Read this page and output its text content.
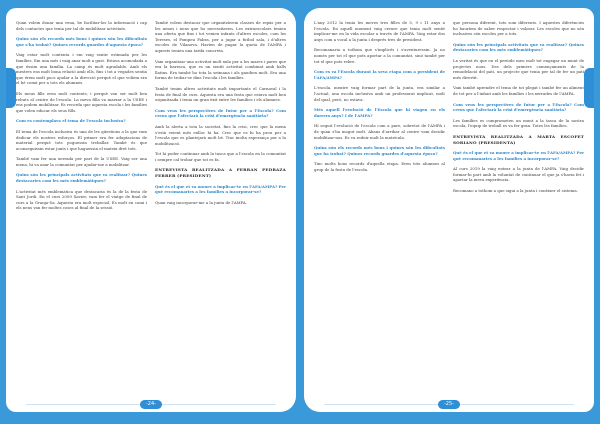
Quan volem donar una vena, be facilitar-los la informació i cap dels contactes que tenia per tal de mobilitzar activitats.

Quins són els records més bons i quines són les dificultats que s'ha trobat? Quines records guardes d'aquesta época?

Vaig estar molt contenta i em vaig sentir estimada per les famílies. Em una més i vaig anar molt a gust. Estava acomodada a que éssim una família. La camp és molt agradable. Amb els mestres ens molt bona relació amb ells, fins i tot a vegades sentia que érem molt pocs ajudar a la direcció perquè el que volíem era el bé comú per a tots els alumnes.

Els meus fills eren molt contents, i perquè van ser molt ben rebuts al centre de l'escola. La meva filla va marxar a la USEE i ens podem mobilitzar. Es recorda que aquesta escola i les famílies que volen educar els seus fills.

Com es contemplava el tema de l'escola inclusiva?

El tema de l'escola inclusiva és una de les qüestions a la que vam dedicar els nostres esforços. El primer era fer adaptacions de material perquè tots poguessin treballar. També és que aconseguissin estar junts i que haguessin el mateix dret tots.

També vam fer una xerrada per part de la USEE. Vaig ser una mena, hi va anar la comunitat per ajudar-me a mobilitzar.

Quins són les principals activitats que va realitzar? Quines destacaries com les més emblemàtiques?

L'activitat més emblemàtica que destacaria és la de la festa de Sant Jordi. En el curs 2009 Xavier, vam fer el viatge de final de curs a la Granja-Sa. Aquesta era molt especial. Es molt en cami i els nens van fer moltes coses al final de la sessió.

També volem destacar que organitzàvem classes de repàs per a les nenes i nens que ho necessitaven. Les extraescolars tenien una oferta que fins i tot venien infants d'altres escoles, com les Tereses, el Pompeu Fabra, per a jugar a futbol sala, i d'altres escoles de Vilanova. Havien de pagar la quota de l'AMPA i aquests tenien una tarifa concreta.

Vam organitzar una activitat molt xula per a les mares i pares que era la barraca, que es un sentit activitat combinat amb balls llatins. Era també ho tota la setmana i als gaudien molt. Era una forma de trobar-se dins l'escola i les famílies.

També tenim altres activitats molt importants el Carnaval i la festa de final de curs. Aquesta era una festa que estava molt ben organitzada i tenia un gran èxit entre les famílies i els alumnes.

Com veus les perspectives de futur per a l'Escola? Com creus que l'afectarà la crisi d'emergència sanitària?

Amb la alerta a tota la societat, fins la crisi, crec que la mena s'està veient més enlloc hi ha. Crec que es hi ha prou per a l'escola que es plantejarà molt bé. Tinc molta esperança per a la mobilització.

Tot hi poder continuar amb la tasca que a l'escola en la comunitat i sempre cal trobar que tot es fa.

ENTREVISTA REALITZADA A FERRAN PEDRAZA FERRER (PRESIDENT)

Què és el que et va moure a implicar-te en l'AFA/AMPA? Per què recomanaries a les famílies a incorporar-se?

Quan vaig incorporar-me a la junta de l'AMPA.

-24-

L'any 2012 la tenia les meves tres filles de 5, 9 i 11 anys a l'escola. En aquell moment vaig creure que tenia molt sentit implicar-me en la vida escolar a través de l'AMPA. Vaig estar dos anys com a vocal a la junta i després tres de president.

Recomanaria a tothom que s'implicés i s'aventuressin. Ja no només per tot el que pots aportar a la comunitat, sinó també per tot el que pots rebre.

Com es va l'Escola durant la seva etapa com a president de l'AFA/AMPA?

L'escola, mentre vaig formar part de la junta, era similar a l'actual, una escola inclusiva amb un professorat implicat, molt del qual, però, no estava.

Més aquell l'evolució de l'Escola que hi viagen en els darrers anys? I de l'AMPA?

Hi seguit l'evolució de l'escola com a pare, sobretot de l'AMPA i de quan s'ha mogut molt. Abans d'arribar al centre vam decidir mobilitzar-nos. Es va reduir molt la matrícula.

Quins són els records més bons i quines són les dificultats que ha trobat? Quines records guardes d'aquesta época?

Tinc molts bons records d'aquella etapa. Eren tots alumnes al grup de la festa de l'escola.

que persona diferent, tots som diferents. I aquestes diferències ho hauríem de saber respectar i valorar. Les escoles que no són inclusives són escoles per a tots.

Quins són les principals activitats que va realitzar? Quines destacaries com les més emblemàtiques?

La veritat és que en el període meu molt tot engegar un munt de projectes nous. Des dels primers començaments de la remodelació del pati, un projecte que tenia per tal de fer un pati més divertit.

Vam també aprendre el tema de tot plegat i també fer un aliment de tot per a l'infant amb les famílies i les xerrades de l'AMPA.

Com veus les perspectives de futur per a l'Escola? Com creus que l'afectarà la crisi d'emergència sanitària?

Les famílies es comprometen un munt a la tasca de la nostra escola, l'equip de treball es va fer gran. Totes les famílies.

ENTREVISTA REALITZADA A MARTA ESCOFET SORIANO (PRESIDENTA)

Què és el que et va moure a implicar-te en l'AFA/AMPA? Per què recomanaries a les famílies a incorporar-se?

Al curs 2019 la vaig entrar a la junta de l'AMPA. Vaig decidir formar-hi part amb la voluntat de continuar el que ja s'havia fet i aportar la meva experiència.

Recomano a tothom a que sigui a la junta i conèixer el sistema.

-25-
